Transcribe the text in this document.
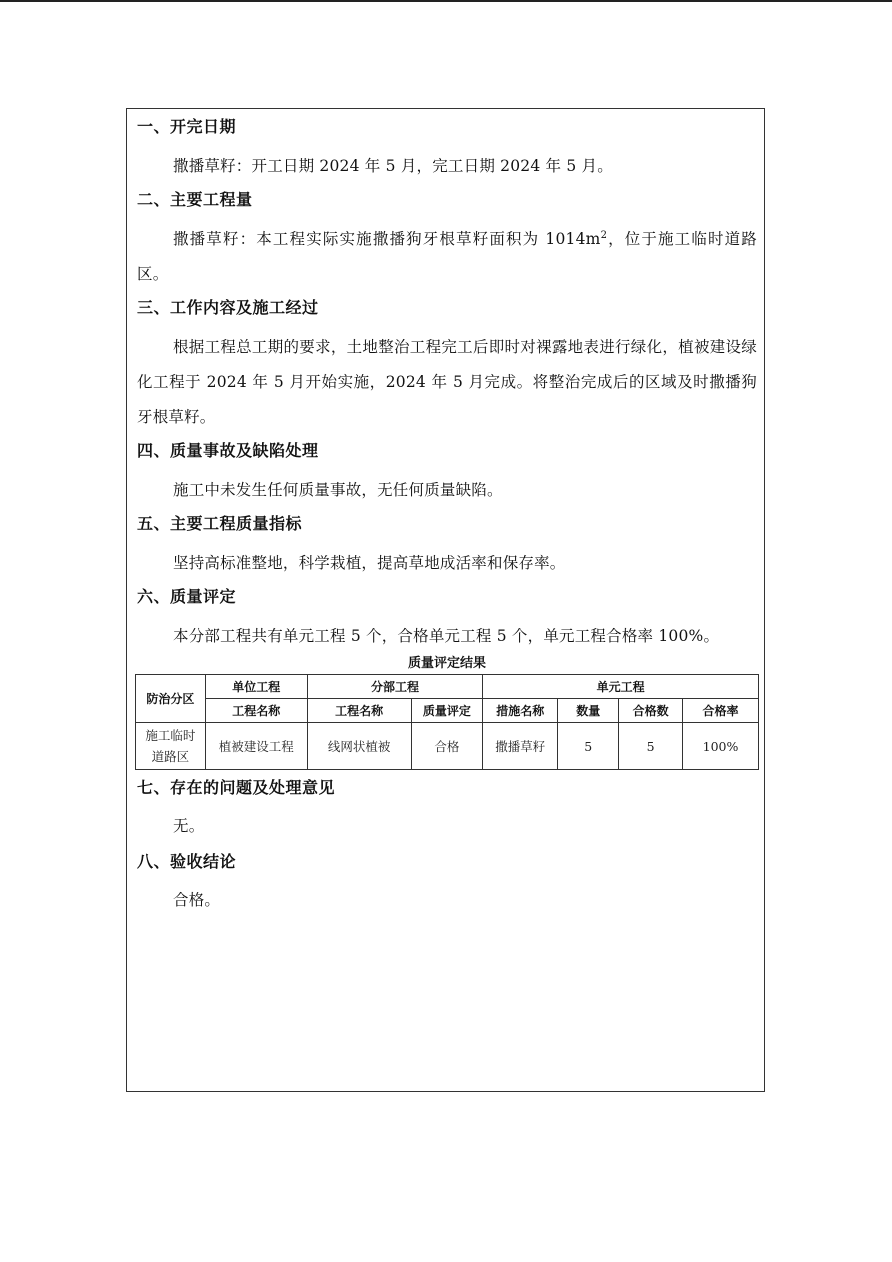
一、开完日期

撒播草籽：开工日期 2024 年 5 月，完工日期 2024 年 5 月。

二、主要工程量

撒播草籽：本工程实际实施撒播狗牙根草籽面积为 $1014m^2$，位于施工临时道路区。

三、工作内容及施工经过

根据工程总工期的要求，土地整治工程完工后即时对裸露地表进行绿化，植被建设绿化工程于 2024 年 5 月开始实施，2024 年 5 月完成。将整治完成后的区域及时撒播狗牙根草籽。

四、质量事故及缺陷处理

施工中未发生任何质量事故，无任何质量缺陷。

五、主要工程质量指标

坚持高标准整地，科学栽植，提高草地成活率和保存率。

六、质量评定

本分部工程共有单元工程 5 个，合格单元工程 5 个，单元工程合格率 100%。

质量评定结果
防治分区	单位工程	分部工程		单元工程			
	工程名称	工程名称	质量评定	措施名称	数量	合格数	合格率
施工临时
道路区	植被建设工程	线网状植被	合格	撒播草籽	5	5	100%
七、存在的问题及处理意见

无。

八、验收结论

合格。
